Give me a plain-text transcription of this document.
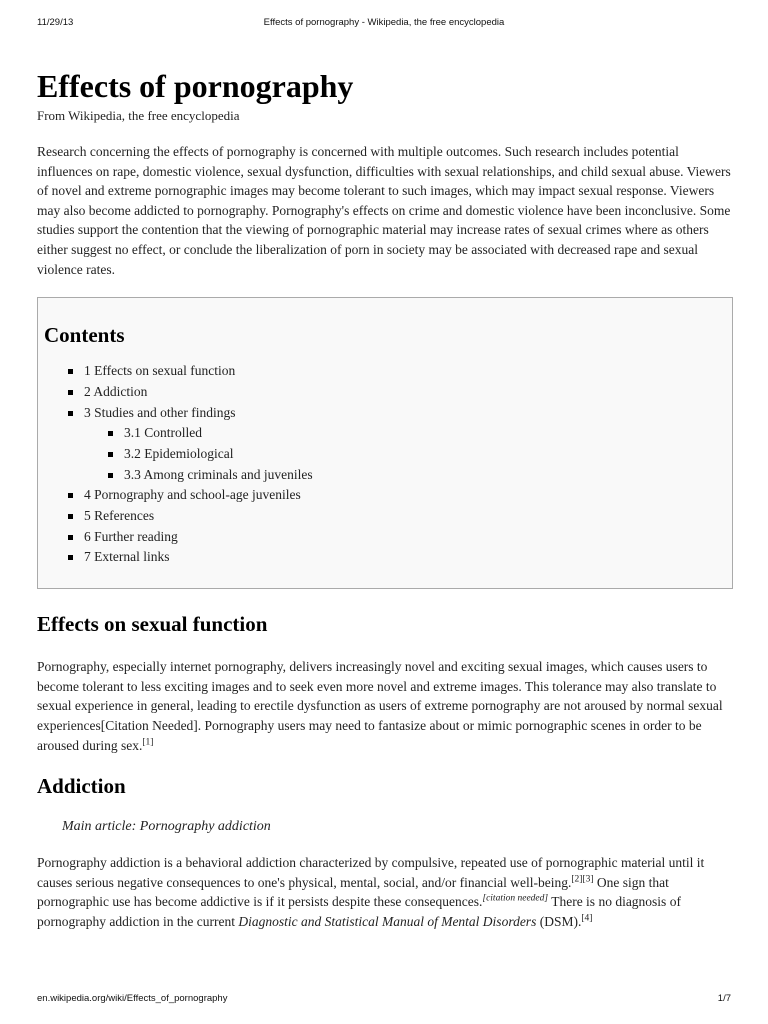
11/29/13	Effects of pornography - Wikipedia, the free encyclopedia
Effects of pornography
From Wikipedia, the free encyclopedia

Research concerning the effects of pornography is concerned with multiple outcomes. Such research includes potential influences on rape, domestic violence, sexual dysfunction, difficulties with sexual relationships, and child sexual abuse. Viewers of novel and extreme pornographic images may become tolerant to such images, which may impact sexual response. Viewers may also become addicted to pornography. Pornography's effects on crime and domestic violence have been inconclusive. Some studies support the contention that the viewing of pornographic material may increase rates of sexual crimes where as others either suggest no effect, or conclude the liberalization of porn in society may be associated with decreased rape and sexual violence rates.

Contents
1 Effects on sexual function
2 Addiction
3 Studies and other findings
3.1 Controlled
3.2 Epidemiological
3.3 Among criminals and juveniles
4 Pornography and school-age juveniles
5 References
6 Further reading
7 External links
Effects on sexual function

Pornography, especially internet pornography, delivers increasingly novel and exciting sexual images, which causes users to become tolerant to less exciting images and to seek even more novel and extreme images. This tolerance may also translate to sexual experience in general, leading to erectile dysfunction as users of extreme pornography are not aroused by normal sexual experiences[Citation Needed]. Pornography users may need to fantasize about or mimic pornographic scenes in order to be aroused during sex.[1]

Addiction
Main article: Pornography addiction

Pornography addiction is a behavioral addiction characterized by compulsive, repeated use of pornographic material until it causes serious negative consequences to one's physical, mental, social, and/or financial well-being.[2][3] One sign that pornographic use has become addictive is if it persists despite these consequences.[citation needed] There is no diagnosis of pornography addiction in the current Diagnostic and Statistical Manual of Mental Disorders (DSM).[4]

en.wikipedia.org/wiki/Effects_of_pornography	1/7
